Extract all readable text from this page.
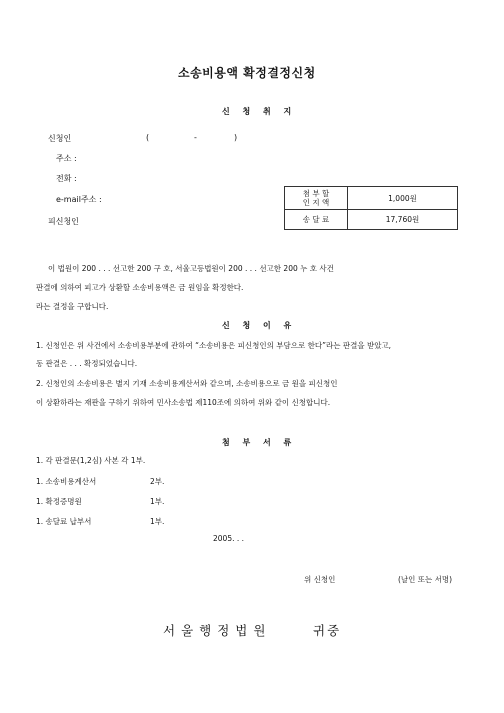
소송비용액 확정결정신청
신 청 취 지
신청인	(	-	)
주소 :
전화 :
e-mail주소 :
피신청인
첨 부 할
인 지 액	1,000원
송 달 료	17,760원
이 법원이 200 . . . 선고한 200 구 호, 서울고등법원이 200 . . . 선고한 200 누 호 사건
판결에 의하여 피고가 상환할 소송비용액은 금 원임을 확정한다.
라는 결정을 구합니다.
신 청 이 유
1. 신청인은 위 사건에서 소송비용부분에 관하여 “소송비용은 피신청인의 부담으로 한다”라는 판결을 받았고,
동 판결은 . . . 확정되었습니다.
2. 신청인의 소송비용은 별지 기재 소송비용계산서와 같으며, 소송비용으로 금 원을 피신청인
이 상환하라는 재판을 구하기 위하여 민사소송법 제110조에 의하여 위와 같이 신청합니다.
첨 부 서 류
1. 각 판결문(1,2심) 사본 각 1부.
1. 소송비용계산서	2부.
1. 확정증명원	1부.
1. 송달료 납부서	1부.
2005. . .
위 신청인	(날인 또는 서명)
서울행정법원	귀중
